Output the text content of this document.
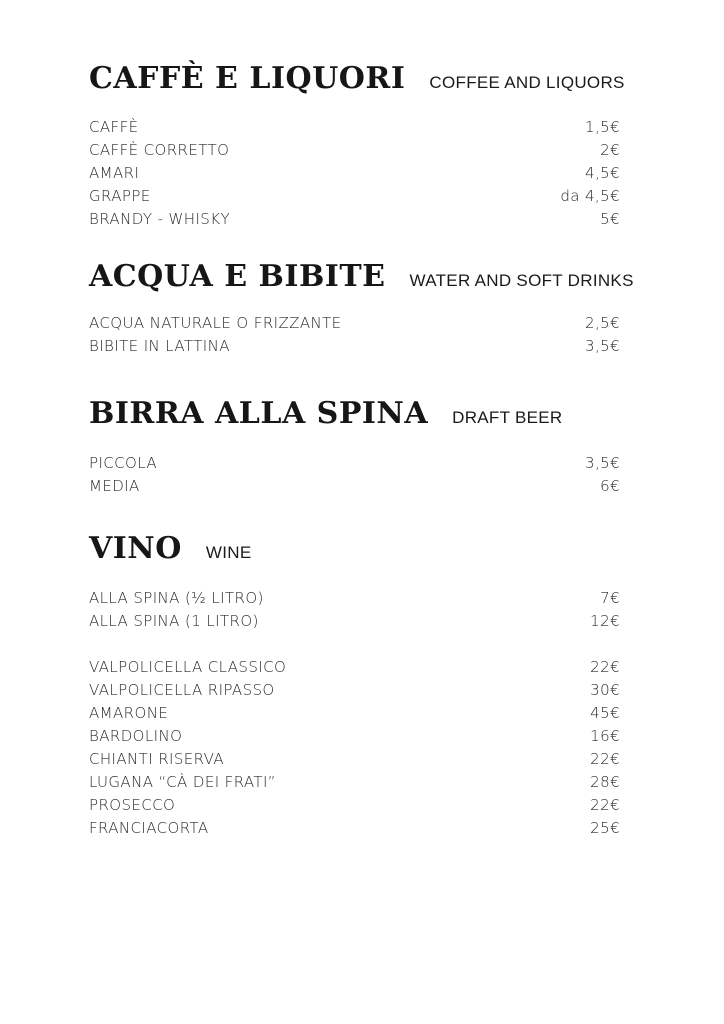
CAFFÈ E LIQUORI COFFEE AND LIQUORS
CAFFÈ	1,5€
CAFFÈ CORRETTO	2€
AMARI	4,5€
GRAPPE	da 4,5€
BRANDY - WHISKY	5€
ACQUA E BIBITE WATER AND SOFT DRINKS
ACQUA NATURALE O FRIZZANTE	2,5€
BIBITE IN LATTINA	3,5€
BIRRA ALLA SPINA DRAFT BEER
PICCOLA	3,5€
MEDIA	6€
VINO WINE
ALLA SPINA (½ LITRO)	7€
ALLA SPINA (1 LITRO)	12€
VALPOLICELLA CLASSICO	22€
VALPOLICELLA RIPASSO	30€
AMARONE	45€
BARDOLINO	16€
CHIANTI RISERVA	22€
LUGANA “CÀ DEI FRATI”	28€
PROSECCO	22€
FRANCIACORTA	25€
